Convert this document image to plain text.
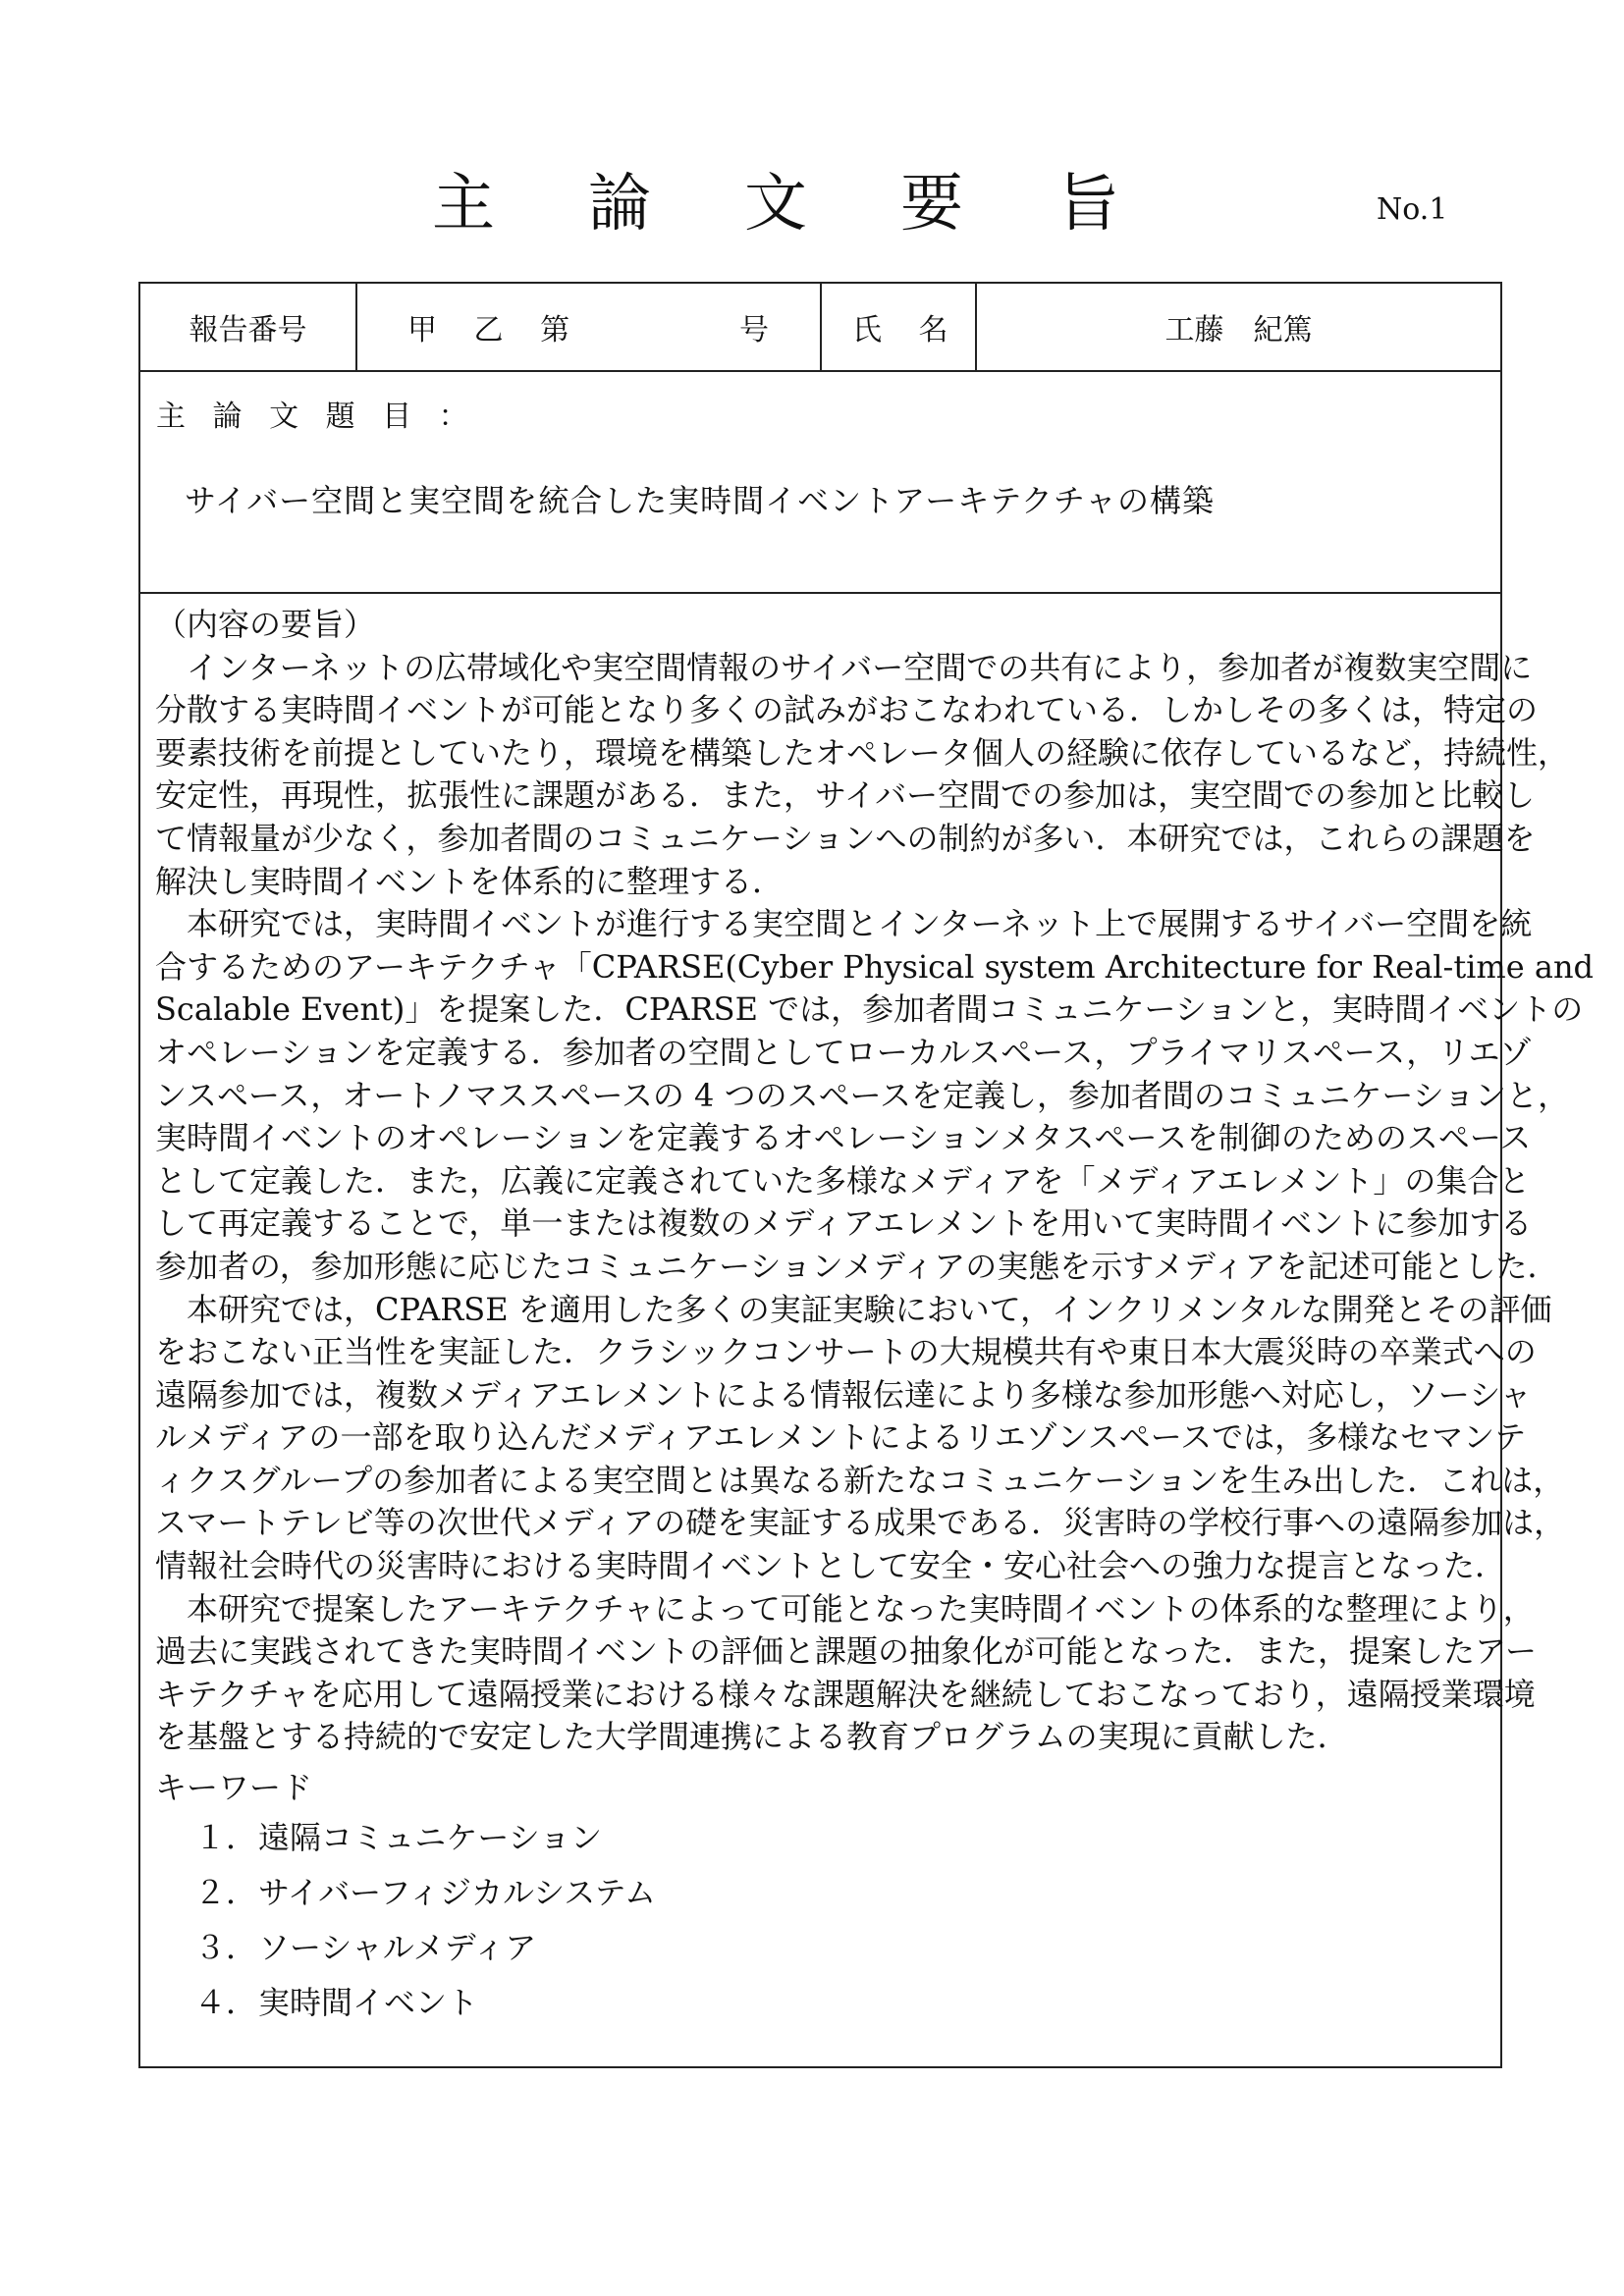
主 論 文 要 旨	No.1
報告番号	甲 乙 第	号	氏 名	工藤　紀篤
主 論 文 題 目 ：
サイバー空間と実空間を統合した実時間イベントアーキテクチャの構築
（内容の要旨）
　インターネットの広帯域化や実空間情報のサイバー空間での共有により，参加者が複数実空間に
分散する実時間イベントが可能となり多くの試みがおこなわれている．しかしその多くは，特定の
要素技術を前提としていたり，環境を構築したオペレータ個人の経験に依存しているなど，持続性，
安定性，再現性，拡張性に課題がある．また，サイバー空間での参加は，実空間での参加と比較し
て情報量が少なく，参加者間のコミュニケーションへの制約が多い．本研究では，これらの課題を
解決し実時間イベントを体系的に整理する．
　本研究では，実時間イベントが進行する実空間とインターネット上で展開するサイバー空間を統
合するためのアーキテクチャ「CPARSE(Cyber Physical system Architecture for Real-time and
Scalable Event)」を提案した．CPARSE では，参加者間コミュニケーションと，実時間イベントの
オペレーションを定義する．参加者の空間としてローカルスペース，プライマリスペース，リエゾ
ンスペース，オートノマススペースの 4 つのスペースを定義し，参加者間のコミュニケーションと，
実時間イベントのオペレーションを定義するオペレーションメタスペースを制御のためのスペース
として定義した．また，広義に定義されていた多様なメディアを「メディアエレメント」の集合と
して再定義することで，単一または複数のメディアエレメントを用いて実時間イベントに参加する
参加者の，参加形態に応じたコミュニケーションメディアの実態を示すメディアを記述可能とした．
　本研究では，CPARSE を適用した多くの実証実験において，インクリメンタルな開発とその評価
をおこない正当性を実証した．クラシックコンサートの大規模共有や東日本大震災時の卒業式への
遠隔参加では，複数メディアエレメントによる情報伝達により多様な参加形態へ対応し，ソーシャ
ルメディアの一部を取り込んだメディアエレメントによるリエゾンスペースでは，多様なセマンテ
ィクスグループの参加者による実空間とは異なる新たなコミュニケーションを生み出した．これは，
スマートテレビ等の次世代メディアの礎を実証する成果である．災害時の学校行事への遠隔参加は，
情報社会時代の災害時における実時間イベントとして安全・安心社会への強力な提言となった．
　本研究で提案したアーキテクチャによって可能となった実時間イベントの体系的な整理により，
過去に実践されてきた実時間イベントの評価と課題の抽象化が可能となった．また，提案したアー
キテクチャを応用して遠隔授業における様々な課題解決を継続しておこなっており，遠隔授業環境
を基盤とする持続的で安定した大学間連携による教育プログラムの実現に貢献した．
キーワード
１．遠隔コミュニケーション
２．サイバーフィジカルシステム
３．ソーシャルメディア
４．実時間イベント
